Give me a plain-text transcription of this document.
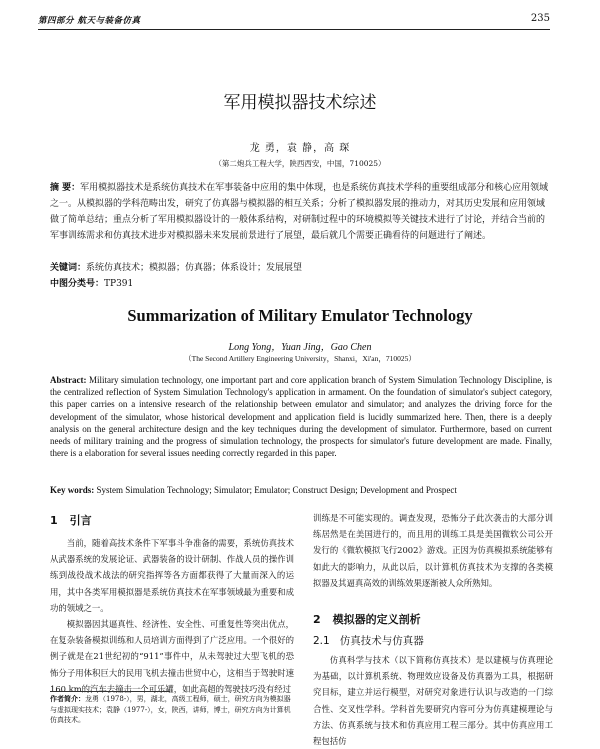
第四部分 航天与装备仿真	235
军用模拟器技术综述
龙 勇，袁 静，高 琛
（第二炮兵工程大学，陕西西安，中国，710025）
摘 要：军用模拟器技术是系统仿真技术在军事装备中应用的集中体现，也是系统仿真技术学科的重要组成部分和核心应用领域之一。从模拟器的学科范畴出发，研究了仿真器与模拟器的相互关系；分析了模拟器发展的推动力，对其历史发展和应用领域做了简单总结；重点分析了军用模拟器设计的一般体系结构，对研制过程中的环境模拟等关键技术进行了讨论，并结合当前的军事训练需求和仿真技术进步对模拟器未来发展前景进行了展望，最后就几个需要正确看待的问题进行了阐述。
关键词：系统仿真技术；模拟器；仿真器；体系设计；发展展望
中图分类号：TP391
Summarization of Military Emulator Technology
Long Yong，Yuan Jing，Gao Chen
（The Second Artillery Engineering University，Shanxi，Xi'an，710025）
Abstract: Military simulation technology, one important part and core application branch of System Simulation Technology Discipline, is the centralized reflection of System Simulation Technology's application in armament. On the foundation of simulator's subject category, this paper carries on a intensive research of the relationship between emulator and simulator; and analyzes the driving force for the development of the simulator, whose historical development and application field is lucidly summarized here. Then, there is a deeply analysis on the general architecture design and the key techniques during the development of simulator. Furthermore, based on current needs of military training and the progress of simulation technology, the prospects for simulator's future development are made. Finally, there is a elaboration for several issues needing correctly regarded in this paper.
Key words: System Simulation Technology; Simulator; Emulator; Construct Design; Development and Prospect
1 引言

当前，随着高技术条件下军事斗争准备的需要，系统仿真技术从武器系统的发展论证、武器装备的设计研制、作战人员的操作训练到战役战术战法的研究指挥等各方面都获得了大量而深入的运用，其中各类军用模拟器是系统仿真技术在军事领域最为重要和成功的领域之一。

模拟器因其逼真性、经济性、安全性、可重复性等突出优点，在复杂装备模拟训练和人员培训方面得到了广泛应用。一个很好的例子就是在21世纪初的“911”事件中，从未驾驶过大型飞机的恐怖分子用体积巨大的民用飞机去撞击世贸中心，这相当于驾驶时速160 km的汽车去撞击一个可乐罐，如此高超的驾驶技巧没有经过

训练是不可能实现的。调查发现，恐怖分子此次袭击的大部分训练居然是在美国进行的，而且用的训练工具是美国微软公司公开发行的《微软模拟飞行2002》游戏。正因为仿真模拟系统能够有如此大的影响力，从此以后，以计算机仿真技术为支撑的各类模拟器及其逼真高效的训练效果逐渐被人众所熟知。

2 模拟器的定义剖析
2.1 仿真技术与仿真器

仿真科学与技术（以下简称仿真技术）是以建模与仿真理论为基础，以计算机系统、物理效应设备及仿真器为工具，根据研究目标，建立并运行模型，对研究对象进行认识与改造的一门综合性、交叉性学科。学科首先要研究内容可分为仿真建模理论与方法、仿真系统与技术和仿真应用工程三部分。其中仿真应用工程包括仿

作者简介：龙勇（1978-），男，湖北，高级工程师，硕士，研究方向为模拟器与虚拟现实技术；袁静（1977-），女，陕西，讲师，博士，研究方向为计算机仿真技术。
